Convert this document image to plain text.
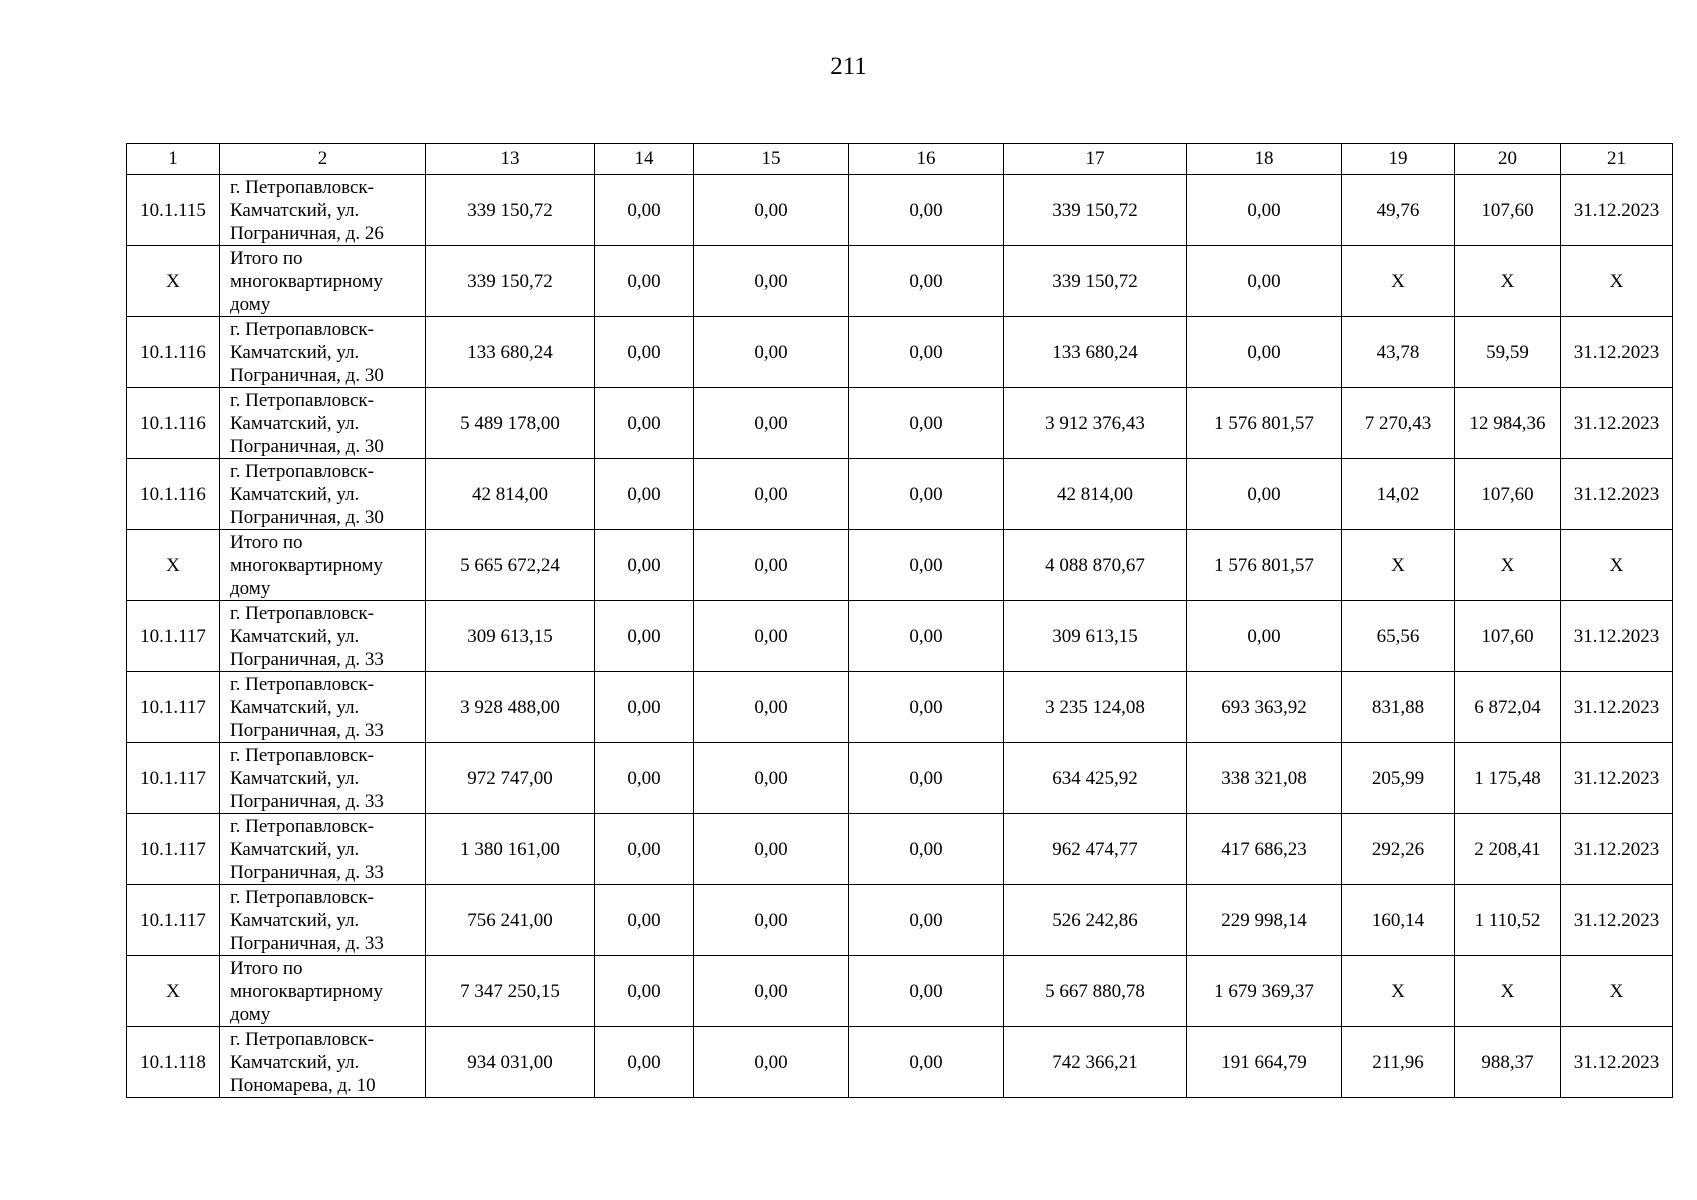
211
1	2	13	14	15	16	17	18	19	20	21
10.1.115	г. Петропавловск-
Камчатский, ул.
Пограничная, д. 26	339 150,72	0,00	0,00	0,00	339 150,72	0,00	49,76	107,60	31.12.2023
X	Итого по
многоквартирному
дому	339 150,72	0,00	0,00	0,00	339 150,72	0,00	X	X	X
10.1.116	г. Петропавловск-
Камчатский, ул.
Пограничная, д. 30	133 680,24	0,00	0,00	0,00	133 680,24	0,00	43,78	59,59	31.12.2023
10.1.116	г. Петропавловск-
Камчатский, ул.
Пограничная, д. 30	5 489 178,00	0,00	0,00	0,00	3 912 376,43	1 576 801,57	7 270,43	12 984,36	31.12.2023
10.1.116	г. Петропавловск-
Камчатский, ул.
Пограничная, д. 30	42 814,00	0,00	0,00	0,00	42 814,00	0,00	14,02	107,60	31.12.2023
X	Итого по
многоквартирному
дому	5 665 672,24	0,00	0,00	0,00	4 088 870,67	1 576 801,57	X	X	X
10.1.117	г. Петропавловск-
Камчатский, ул.
Пограничная, д. 33	309 613,15	0,00	0,00	0,00	309 613,15	0,00	65,56	107,60	31.12.2023
10.1.117	г. Петропавловск-
Камчатский, ул.
Пограничная, д. 33	3 928 488,00	0,00	0,00	0,00	3 235 124,08	693 363,92	831,88	6 872,04	31.12.2023
10.1.117	г. Петропавловск-
Камчатский, ул.
Пограничная, д. 33	972 747,00	0,00	0,00	0,00	634 425,92	338 321,08	205,99	1 175,48	31.12.2023
10.1.117	г. Петропавловск-
Камчатский, ул.
Пограничная, д. 33	1 380 161,00	0,00	0,00	0,00	962 474,77	417 686,23	292,26	2 208,41	31.12.2023
10.1.117	г. Петропавловск-
Камчатский, ул.
Пограничная, д. 33	756 241,00	0,00	0,00	0,00	526 242,86	229 998,14	160,14	1 110,52	31.12.2023
X	Итого по
многоквартирному
дому	7 347 250,15	0,00	0,00	0,00	5 667 880,78	1 679 369,37	X	X	X
10.1.118	г. Петропавловск-
Камчатский, ул.
Пономарева, д. 10	934 031,00	0,00	0,00	0,00	742 366,21	191 664,79	211,96	988,37	31.12.2023
